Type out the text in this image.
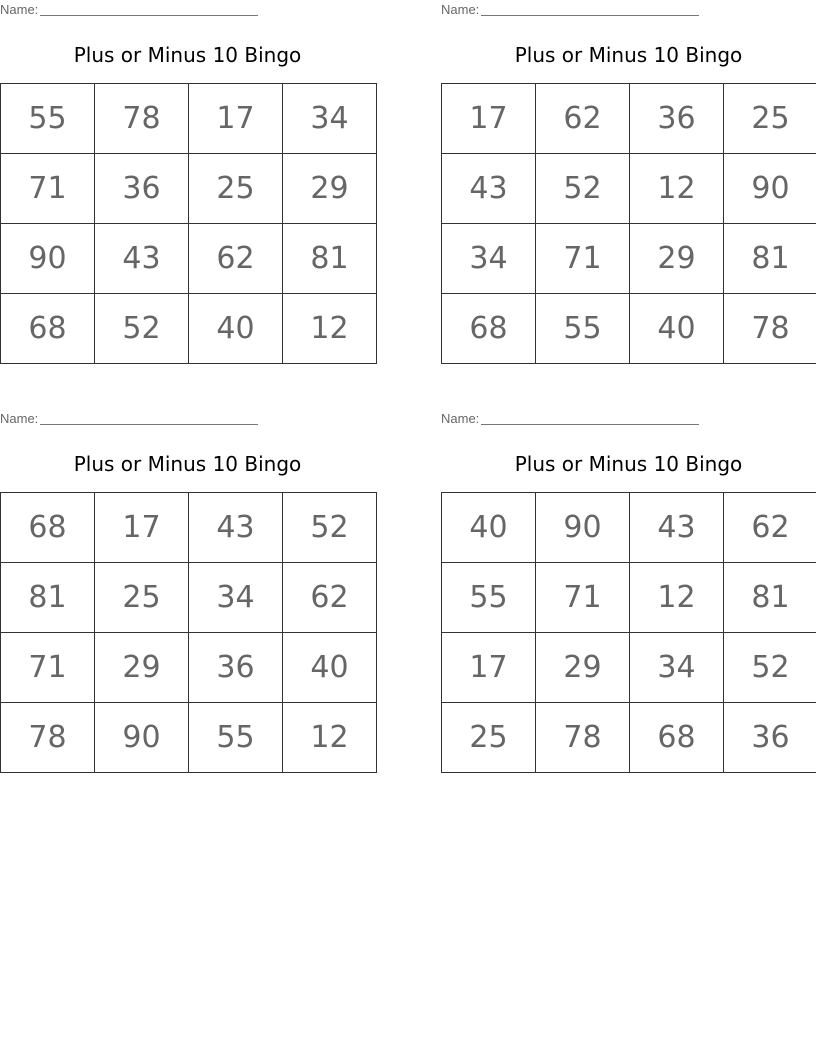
Name:
Plus or Minus 10 Bingo
55	78	17	34
71	36	25	29
90	43	62	81
68	52	40	12
Name:
Plus or Minus 10 Bingo
17	62	36	25
43	52	12	90
34	71	29	81
68	55	40	78
Name:
Plus or Minus 10 Bingo
68	17	43	52
81	25	34	62
71	29	36	40
78	90	55	12
Name:
Plus or Minus 10 Bingo
40	90	43	62
55	71	12	81
17	29	34	52
25	78	68	36
